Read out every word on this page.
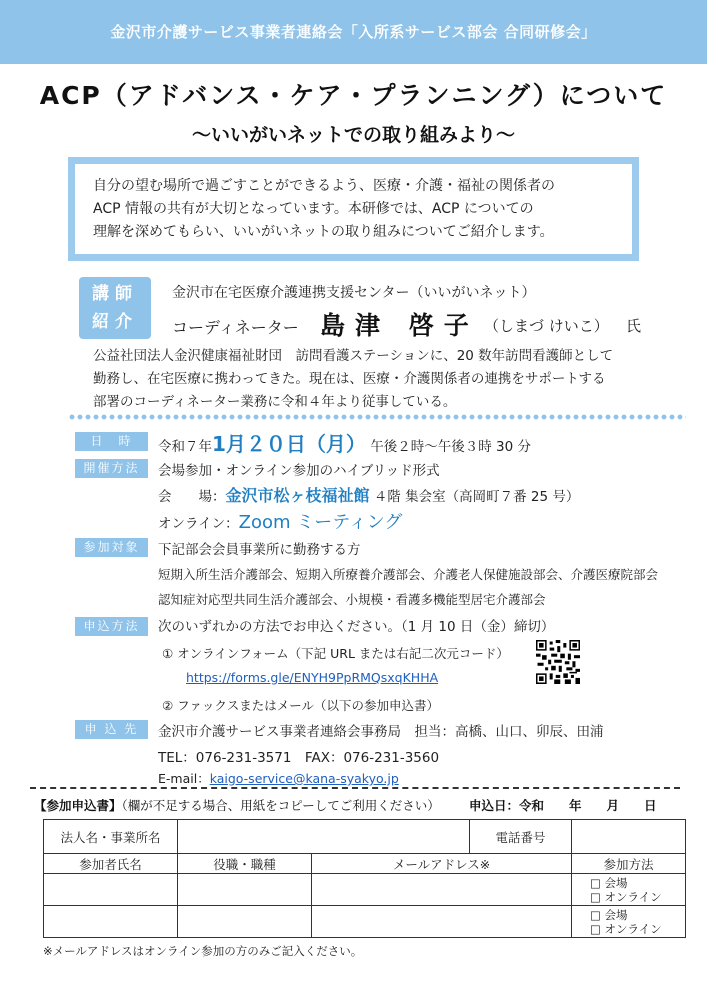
金沢市介護サービス事業者連絡会「入所系サービス部会 合同研修会」
ACP（アドバンス・ケア・プランニング）について
〜いいがいネットでの取り組みより〜

自分の望む場所で過ごすことができるよう、医療・介護・福祉の関係者の

ACP 情報の共有が大切となっています。本研修では、ACP についての

理解を深めてもらい、いいがいネットの取り組みについてご紹介します。

講師
紹介
金沢市在宅医療介護連携支援センター（いいがいネット）
コーディネーター 島津 啓子 （しまづ けいこ） 氏

公益社団法人金沢健康福祉財団　訪問看護ステーションに、20 数年訪問看護師として

勤務し、在宅医療に携わってきた。現在は、医療・介護関係者の連携をサポートする

部署のコーディネーター業務に令和４年より従事している。

日　時	令和７年1月２０日（月） 午後２時〜午後３時 30 分
開催方法	会場参加・オンライン参加のハイブリッド形式
会　　場：金沢市松ヶ枝福祉館 ４階 集会室（高岡町７番 25 号）
オンライン：Zoom ミーティング
参加対象	下記部会会員事業所に勤務する方
短期入所生活介護部会、短期入所療養介護部会、介護老人保健施設部会、介護医療院部会
認知症対応型共同生活介護部会、小規模・看護多機能型居宅介護部会
申込方法	次のいずれかの方法でお申込ください。（1 月 10 日（金）締切）
① オンラインフォーム（下記 URL または右記二次元コード）
https://forms.gle/ENYH9PpRMQsxqKHHA
② ファックスまたはメール（以下の参加申込書）
申 込 先	金沢市介護サービス事業者連絡会事務局　担当：高橋、山口、卯辰、田浦
TEL：076-231-3571　FAX：076-231-3560
E-mail：kaigo-service@kana-syakyo.jp
【参加申込書】（欄が不足する場合、用紙をコピーしてご利用ください） 申込日：令和　　年　　月　　日
法人名・事業所名			電話番号	
参加者氏名	役職・職種	メールアドレス※		参加方法

				□ 会場
□ オンライン

				□ 会場
□ オンライン
※メールアドレスはオンライン参加の方のみご記入ください。
